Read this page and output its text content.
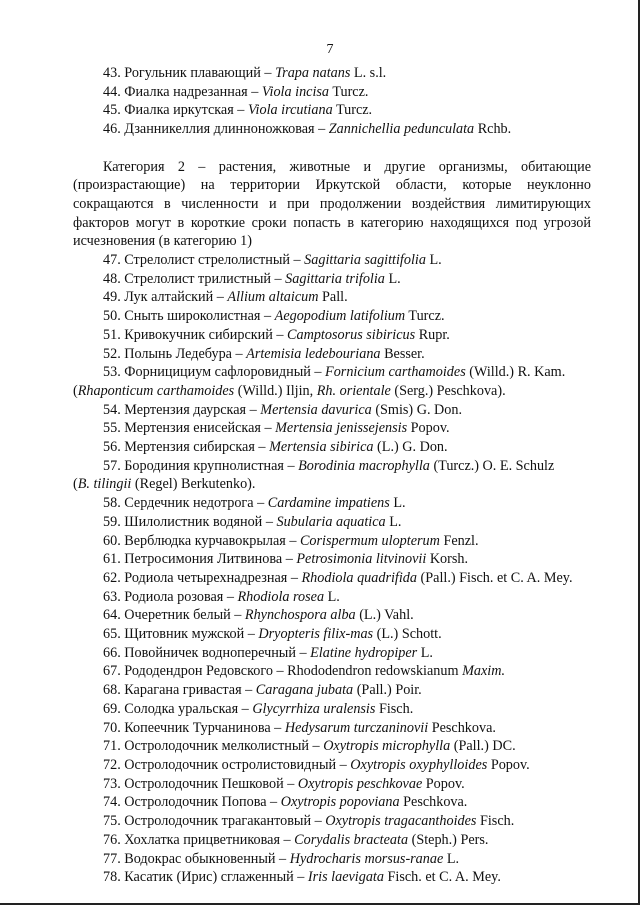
7
43. Рогульник плавающий – Trapa natans L. s.l.
44. Фиалка надрезанная – Viola incisa Turcz.
45. Фиалка иркутская – Viola ircutiana Turcz.
46. Дзанникеллия длинноножковая – Zannichellia pedunculata Rchb.
Категория 2 – растения, животные и другие организмы, обитающие (произрастающие) на территории Иркутской области, которые неуклонно сокращаются в численности и при продолжении воздействия лимитирующих факторов могут в короткие сроки попасть в категорию находящихся под угрозой исчезновения (в категорию 1)
47. Стрелолист стрелолистный – Sagittaria sagittifolia L.
48. Стрелолист трилистный – Sagittaria trifolia L.
49. Лук алтайский – Allium altaicum Pall.
50. Сныть широколистная – Aegopodium latifolium Turcz.
51. Кривокучник сибирский – Camptosorus sibiricus Rupr.
52. Полынь Ледебура – Artemisia ledebouriana Besser.
53. Форницициум сафлоровидный – Fornicium carthamoides (Willd.) R. Kam.
(Rhaponticum carthamoides (Willd.) Iljin, Rh. orientale (Serg.) Peschkova).
54. Мертензия даурская – Mertensia davurica (Smis) G. Don.
55. Мертензия енисейская – Mertensia jenissejensis Popov.
56. Мертензия сибирская – Mertensia sibirica (L.) G. Don.
57. Бородиния крупнолистная – Borodinia macrophylla (Turcz.) O. E. Schulz
(B. tilingii (Regel) Berkutenko).
58. Сердечник недотрога – Cardamine impatiens L.
59. Шилолистник водяной – Subularia aquatica L.
60. Верблюдка курчавокрылая – Corispermum ulopterum Fenzl.
61. Петросимония Литвинова – Petrosimonia litvinovii Korsh.
62. Родиола четырехнадрезная – Rhodiola quadrifida (Pall.) Fisch. et C. A. Mey.
63. Родиола розовая – Rhodiola rosea L.
64. Очеретник белый – Rhynchospora alba (L.) Vahl.
65. Щитовник мужской – Dryopteris filix-mas (L.) Schott.
66. Повойничек водноперечный – Elatine hydropiper L.
67. Рододендрон Редовского – Rhododendron redowskianum Maxim.
68. Карагана гривастая – Caragana jubata (Pall.) Poir.
69. Солодка уральская – Glycyrrhiza uralensis Fisch.
70. Копеечник Турчанинова – Hedysarum turczaninovii Peschkova.
71. Остролодочник мелколистный – Oxytropis microphylla (Pall.) DC.
72. Остролодочник остролистовидный – Oxytropis oxyphylloides Popov.
73. Остролодочник Пешковой – Oxytropis peschkovae Popov.
74. Остролодочник Попова – Oxytropis popoviana Peschkova.
75. Остролодочник трагакантовый – Oxytropis tragacanthoides Fisch.
76. Хохлатка прицветниковая – Corydalis bracteata (Steph.) Pers.
77. Водокрас обыкновенный – Hydrocharis morsus-ranae L.
78. Касатик (Ирис) сглаженный – Iris laevigata Fisch. et C. A. Mey.
